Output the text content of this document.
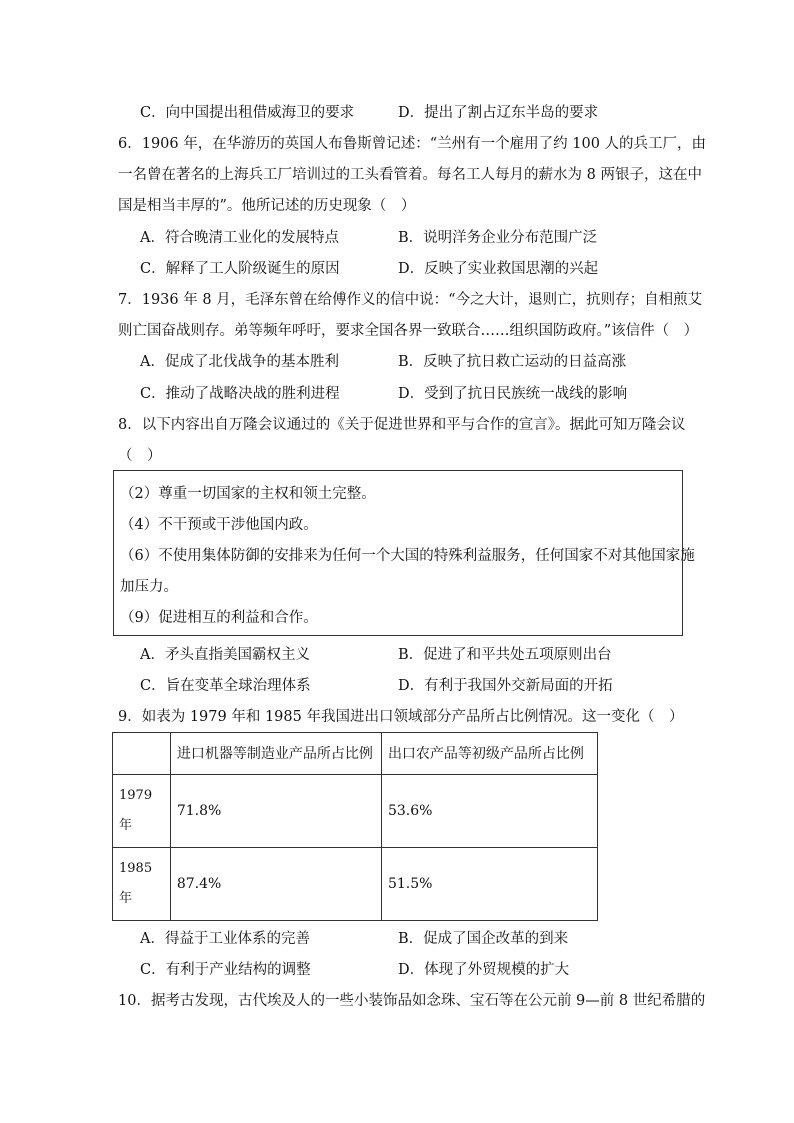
C．向中国提出租借威海卫的要求	D．提出了割占辽东半岛的要求
6．1906 年，在华游历的英国人布鲁斯曾记述：“兰州有一个雇用了约 100 人的兵工厂，由
一名曾在著名的上海兵工厂培训过的工头看管着。每名工人每月的薪水为 8 两银子，这在中
国是相当丰厚的”。他所记述的历史现象（　）
A．符合晚清工业化的发展特点	B．说明洋务企业分布范围广泛
C．解释了工人阶级诞生的原因	D．反映了实业救国思潮的兴起
7．1936 年 8 月，毛泽东曾在给傅作义的信中说：“今之大计，退则亡，抗则存；自相煎艾
则亡国奋战则存。弟等频年呼吁，要求全国各界一致联合……组织国防政府。”该信件（　）
A．促成了北伐战争的基本胜利	B．反映了抗日救亡运动的日益高涨
C．推动了战略决战的胜利进程	D．受到了抗日民族统一战线的影响
8．以下内容出自万隆会议通过的《关于促进世界和平与合作的宣言》。据此可知万隆会议
（　）
（2）尊重一切国家的主权和领土完整。
（4）不干预或干涉他国内政。
（6）不使用集体防御的安排来为任何一个大国的特殊利益服务，任何国家不对其他国家施
加压力。
（9）促进相互的利益和合作。
A．矛头直指美国霸权主义	B．促进了和平共处五项原则出台
C．旨在变革全球治理体系	D．有利于我国外交新局面的开拓
9．如表为 1979 年和 1985 年我国进出口领域部分产品所占比例情况。这一变化（　）
	进口机器等制造业产品所占比例	出口农产品等初级产品所占比例
1979
年	71.8%	53.6%
1985
年	87.4%	51.5%
A．得益于工业体系的完善	B．促成了国企改革的到来
C．有利于产业结构的调整	D．体现了外贸规模的扩大
10．据考古发现，古代埃及人的一些小装饰品如念珠、宝石等在公元前 9—前 8 世纪希腊的
